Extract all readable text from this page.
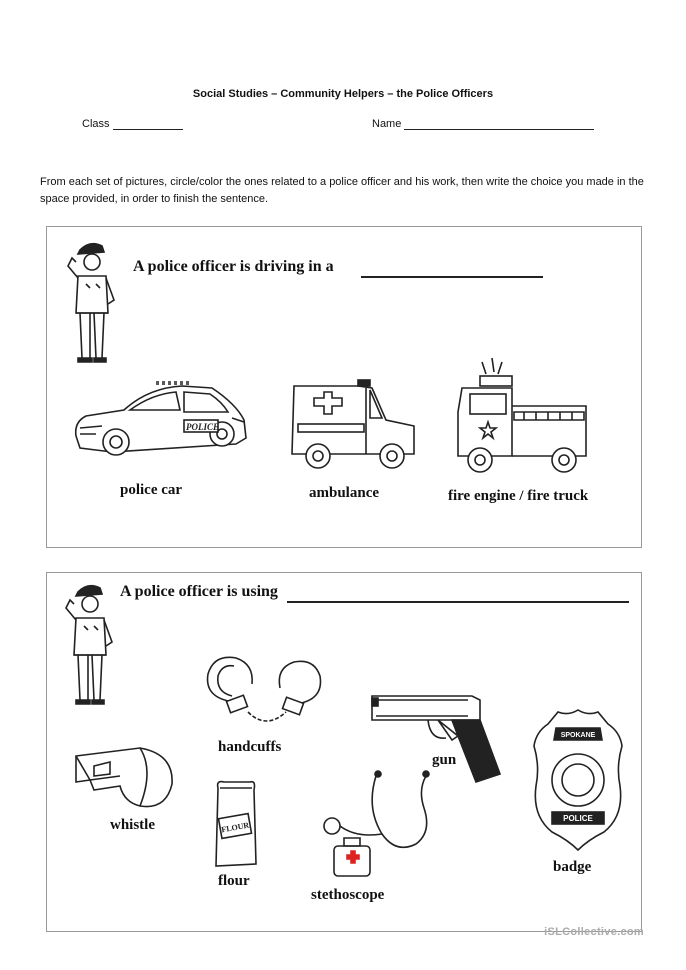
Social Studies – Community Helpers – the Police Officers
Class	Name
From each set of pictures, circle/color the ones related to a police officer and his work, then write the choice you made in the space provided, in order to finish the sentence.
A police officer is driving in a
POLICE
police car	ambulance	fire engine / fire truck
A police officer is using
handcuffs
gun
whistle	FLOUR
flour
stethoscope
SPOKANE
POLICE
badge
iSLCollective.com
